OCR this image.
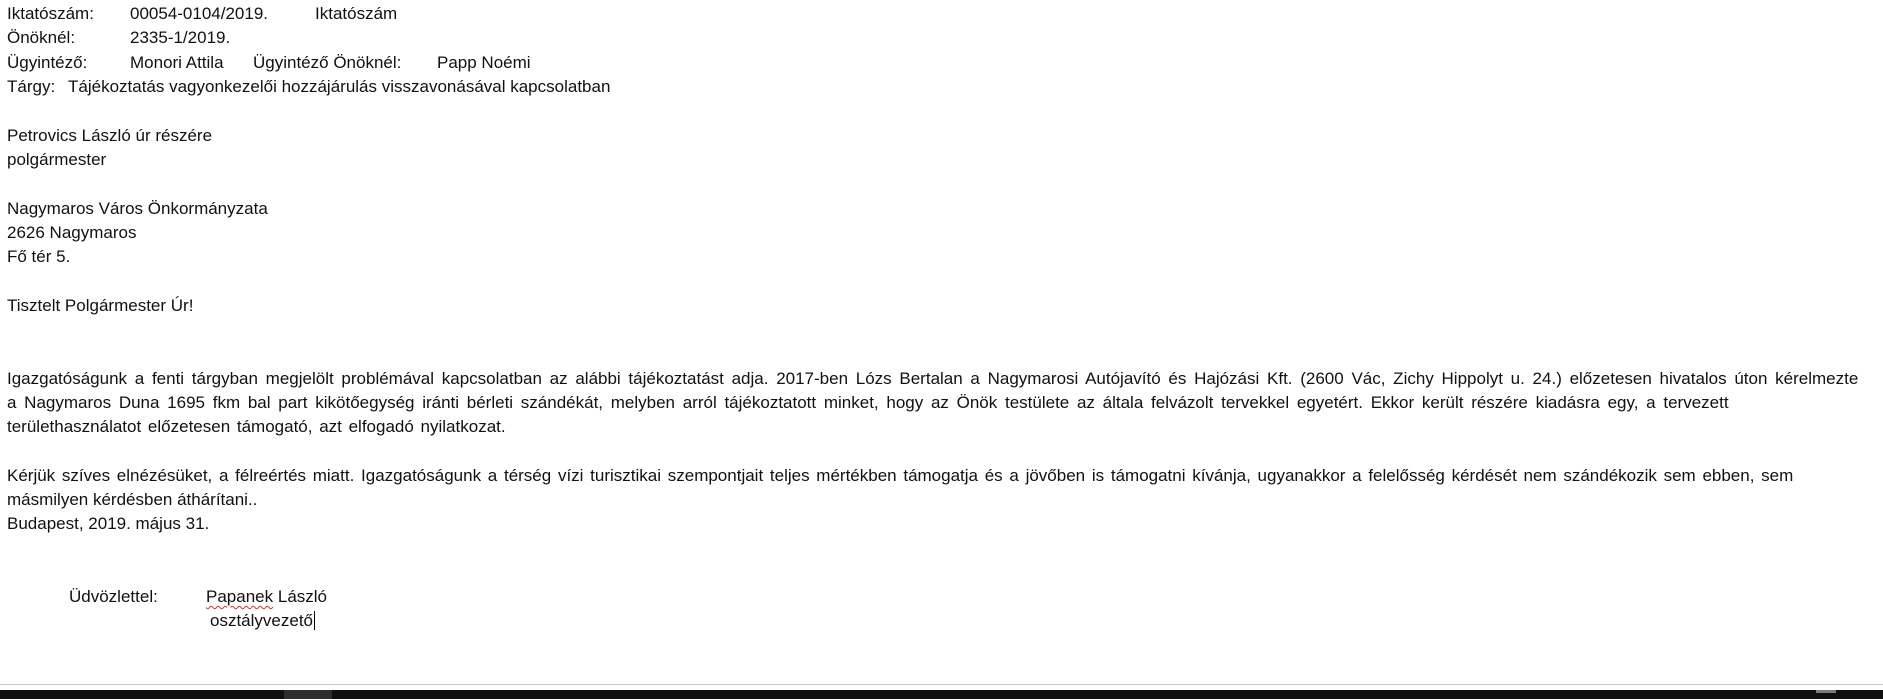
Iktatószám: 00054-0104/2019.	Iktatószám
Önöknél:	2335-1/2019.
Ügyintéző:	Monori Attila Ügyintéző Önöknél: Papp Noémi
Tárgy: Tájékoztatás vagyonkezelői hozzájárulás visszavonásával kapcsolatban
Petrovics László úr részére
polgármester
Nagymaros Város Önkormányzata
2626 Nagymaros
Fő tér 5.
Tisztelt Polgármester Úr!
Igazgatóságunk a fenti tárgyban megjelölt problémával kapcsolatban az alábbi tájékoztatást adja. 2017-ben Lózs Bertalan a Nagymarosi Autójavító és Hajózási Kft. (2600 Vác, Zichy Hippolyt u. 24.) előzetesen hivatalos úton kérelmezte
a Nagymaros Duna 1695 fkm bal part kikötőegység iránti bérleti szándékát, melyben arról tájékoztatott minket, hogy az Önök testülete az általa felvázolt tervekkel egyetért. Ekkor került részére kiadásra egy, a tervezett
területhasználatot előzetesen támogató, azt elfogadó nyilatkozat.
Kérjük szíves elnézésüket, a félreértés miatt. Igazgatóságunk a térség vízi turisztikai szempontjait teljes mértékben támogatja és a jövőben is támogatni kívánja, ugyanakkor a felelősség kérdését nem szándékozik sem ebben, sem
másmilyen kérdésben áthárítani..
Budapest, 2019. május 31.
Üdvözlettel:	Papanek László
osztályvezető
